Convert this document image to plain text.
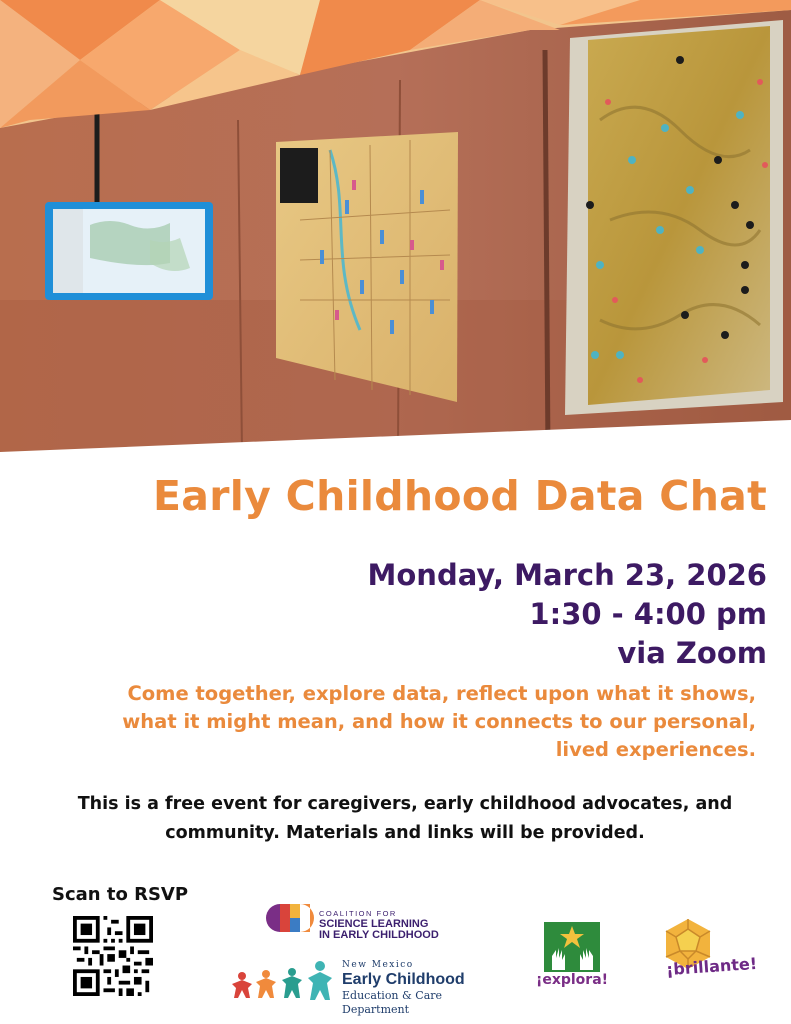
Early Childhood Data Chat
Monday, March 23, 2026
1:30 - 4:00 pm
via Zoom
Come together, explore data, reflect upon what it shows, what it might mean, and how it connects to our personal, lived experiences.
This is a free event for caregivers, early childhood advocates, and community. Materials and links will be provided.
Scan to RSVP
COALITION FOR
SCIENCE LEARNING
IN EARLY CHILDHOOD
New Mexico
Early Childhood
Education & Care Department
¡explora!
¡brillante!
